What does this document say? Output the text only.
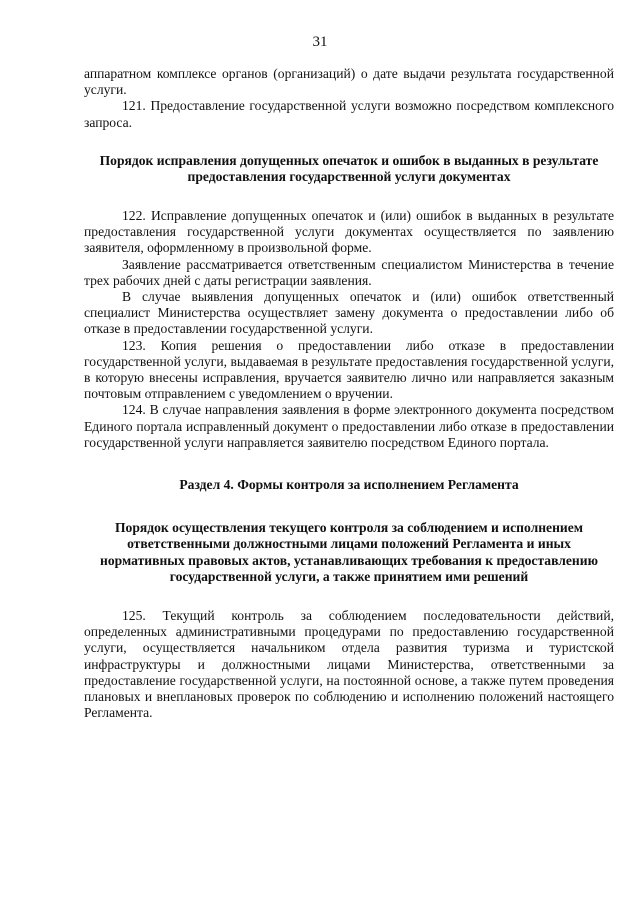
31

аппаратном комплексе органов (организаций) о дате выдачи результата государственной услуги.

121. Предоставление государственной услуги возможно посредством комплексного запроса.

Порядок исправления допущенных опечаток и ошибок в выданных в результате предоставления государственной услуги документах

122. Исправление допущенных опечаток и (или) ошибок в выданных в результате предоставления государственной услуги документах осуществляется по заявлению заявителя, оформленному в произвольной форме.

Заявление рассматривается ответственным специалистом Министерства в течение трех рабочих дней с даты регистрации заявления.

В случае выявления допущенных опечаток и (или) ошибок ответственный специалист Министерства осуществляет замену документа о предоставлении либо об отказе в предоставлении государственной услуги.

123. Копия решения о предоставлении либо отказе в предоставлении государственной услуги, выдаваемая в результате предоставления государственной услуги, в которую внесены исправления, вручается заявителю лично или направляется заказным почтовым отправлением с уведомлением о вручении.

124. В случае направления заявления в форме электронного документа посредством Единого портала исправленный документ о предоставлении либо отказе в предоставлении государственной услуги направляется заявителю посредством Единого портала.

Раздел 4. Формы контроля за исполнением Регламента

Порядок осуществления текущего контроля за соблюдением и исполнением ответственными должностными лицами положений Регламента и иных нормативных правовых актов, устанавливающих требования к предоставлению государственной услуги, а также принятием ими решений

125. Текущий контроль за соблюдением последовательности действий, определенных административными процедурами по предоставлению государственной услуги, осуществляется начальником отдела развития туризма и туристской инфраструктуры и должностными лицами Министерства, ответственными за предоставление государственной услуги, на постоянной основе, а также путем проведения плановых и внеплановых проверок по соблюдению и исполнению положений настоящего Регламента.
